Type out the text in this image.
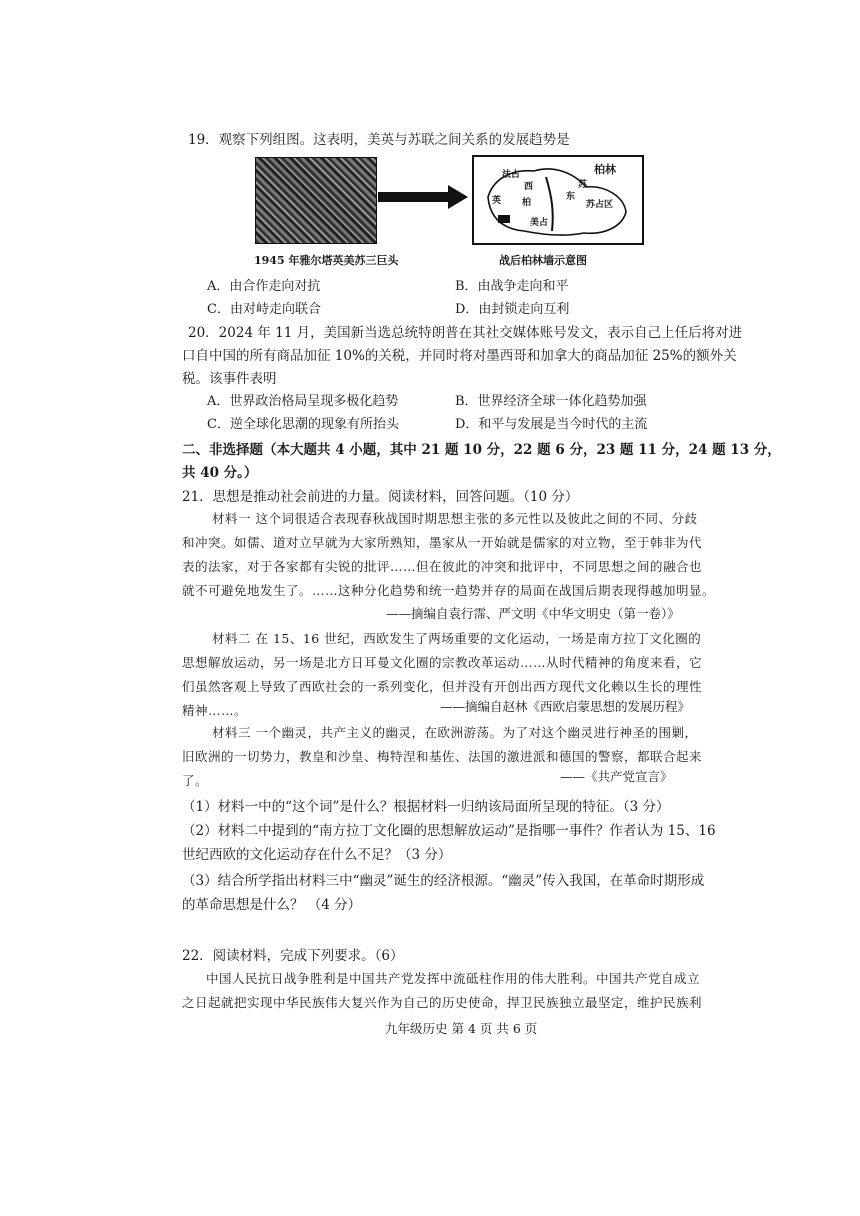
19．观察下列组图。这表明，美英与苏联之间关系的发展趋势是
柏林
法占
西
英 柏
苏
苏占区
东
美占
1945 年雅尔塔英美苏三巨头	战后柏林墙示意图
A．由合作走向对抗	B．由战争走向和平
C．由对峙走向联合	D．由封锁走向互利
20．2024 年 11 月，美国新当选总统特朗普在其社交媒体账号发文，表示自己上任后将对进
口自中国的所有商品加征 10%的关税，并同时将对墨西哥和加拿大的商品加征 25%的额外关
税。该事件表明
A．世界政治格局呈现多极化趋势	B．世界经济全球一体化趋势加强
C．逆全球化思潮的现象有所抬头	D．和平与发展是当今时代的主流
二、非选择题（本大题共 4 小题，其中 21 题 10 分，22 题 6 分，23 题 11 分，24 题 13 分，
共 40 分。）
21．思想是推动社会前进的力量。阅读材料，回答问题。（10 分）
材料一 这个词很适合表现春秋战国时期思想主张的多元性以及彼此之间的不同、分歧
和冲突。如儒、道对立早就为大家所熟知，墨家从一开始就是儒家的对立物，至于韩非为代
表的法家，对于各家都有尖锐的批评……但在彼此的冲突和批评中，不同思想之间的融合也
就不可避免地发生了。……这种分化趋势和统一趋势并存的局面在战国后期表现得越加明显。
——摘编自袁行霈、严文明《中华文明史（第一卷）》
材料二 在 15、16 世纪，西欧发生了两场重要的文化运动，一场是南方拉丁文化圈的
思想解放运动，另一场是北方日耳曼文化圈的宗教改革运动……从时代精神的角度来看，它
们虽然客观上导致了西欧社会的一系列变化，但并没有开创出西方现代文化赖以生长的理性
精神……。	——摘编自赵林《西欧启蒙思想的发展历程》
材料三 一个幽灵，共产主义的幽灵，在欧洲游荡。为了对这个幽灵进行神圣的围剿，
旧欧洲的一切势力，教皇和沙皇、梅特涅和基佐、法国的激进派和德国的警察，都联合起来
了。	——《共产党宣言》
（1）材料一中的“这个词”是什么？根据材料一归纳该局面所呈现的特征。（3 分）
（2）材料二中提到的“南方拉丁文化圈的思想解放运动”是指哪一事件？作者认为 15、16
世纪西欧的文化运动存在什么不足？（3 分）
（3）结合所学指出材料三中“幽灵”诞生的经济根源。“幽灵”传入我国，在革命时期形成
的革命思想是什么？ （4 分）
22．阅读材料，完成下列要求。（6）
中国人民抗日战争胜利是中国共产党发挥中流砥柱作用的伟大胜利。中国共产党自成立
之日起就把实现中华民族伟大复兴作为自己的历史使命，捍卫民族独立最坚定，维护民族利
九年级历史 第 4 页 共 6 页
